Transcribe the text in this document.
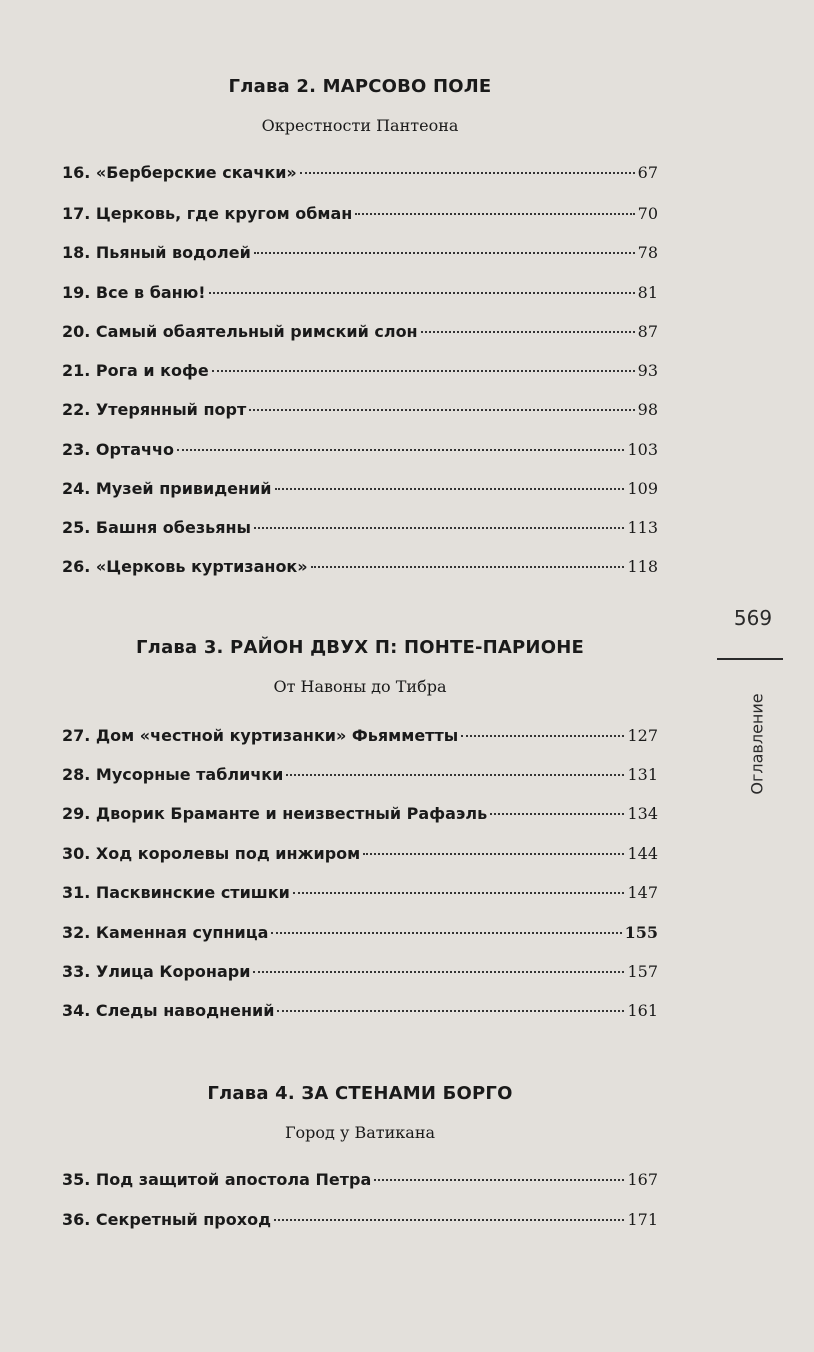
Глава 2. МАРСОВО ПОЛЕ
Окрестности Пантеона
16. «Берберские скачки»	67
17. Церковь, где кругом обман	70
18. Пьяный водолей	78
19. Все в баню!	81
20. Самый обаятельный римский слон	87
21. Рога и кофе	93
22. Утерянный порт	98
23. Ортаччо	103
24. Музей привидений	109
25. Башня обезьяны	113
26. «Церковь куртизанок»	118
Глава 3. РАЙОН ДВУХ П: ПОНТЕ-ПАРИОНЕ
От Навоны до Тибра
27. Дом «честной куртизанки» Фьямметты	127
28. Мусорные таблички	131
29. Дворик Браманте и неизвестный Рафаэль	134
30. Ход королевы под инжиром	144
31. Пасквинские стишки	147
32. Каменная супница	155
33. Улица Коронари	157
34. Следы наводнений	161
Глава 4. ЗА СТЕНАМИ БОРГО
Город у Ватикана
35. Под защитой апостола Петра	167
36. Секретный проход	171
569
Оглавление
